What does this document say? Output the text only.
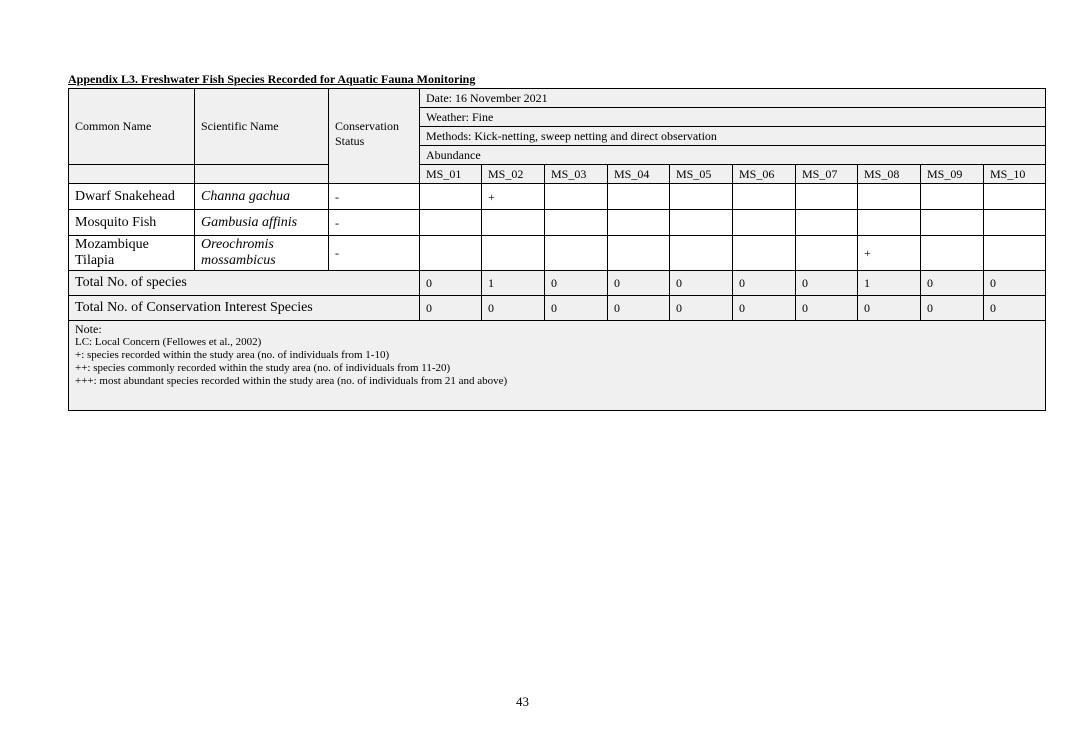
Appendix L3. Freshwater Fish Species Recorded for Aquatic Fauna Monitoring
Common Name	Scientific Name	Conservation Status	Date: 16 November 2021									
			Weather: Fine									
			Methods: Kick-netting, sweep netting and direct observation									
			Abundance									
			MS_01	MS_02	MS_03	MS_04	MS_05	MS_06	MS_07	MS_08	MS_09	MS_10
Dwarf Snakehead	Channa gachua	-		+								
Mosquito Fish	Gambusia affinis	-										
Mozambique Tilapia	Oreochromis mossambicus	-								+		
Total No. of species			0	1	0	0	0	0	0	1	0	0
Total No. of Conservation Interest Species			0	0	0	0	0	0	0	0	0	0

Note:
LC: Local Concern (Fellowes et al., 2002)
+: species recorded within the study area (no. of individuals from 1-10)
++: species commonly recorded within the study area (no. of individuals from 11-20)
+++: most abundant species recorded within the study area (no. of individuals from 21 and above)												
43
